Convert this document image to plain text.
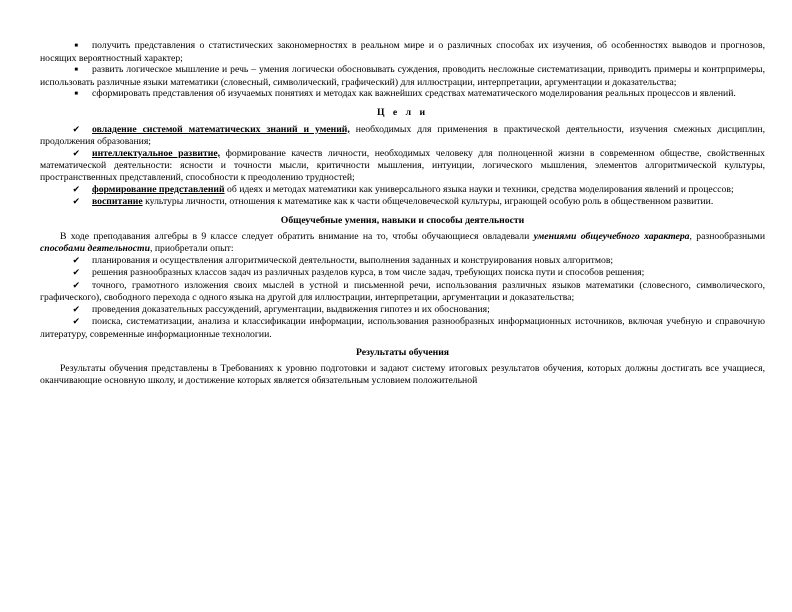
■ получить представления о статистических закономерностях в реальном мире и о различных способах их изучения, об особенностях выводов и прогнозов, носящих вероятностный характер;

■ развить логическое мышление и речь – умения логически обосновывать суждения, проводить несложные систематизации, приводить примеры и контрпримеры, использовать различные языки математики (словесный, символический, графический) для иллюстрации, интерпретации, аргументации и доказательства;

■ сформировать представления об изучаемых понятиях и методах как важнейших средствах математического моделирования реальных процессов и явлений.

Ц е л и

✔ овладение системой математических знаний и умений, необходимых для применения в практической деятельности, изучения смежных дисциплин, продолжения образования;

✔ интеллектуальное развитие, формирование качеств личности, необходимых человеку для полноценной жизни в современном обществе, свойственных математической деятельности: ясности и точности мысли, критичности мышления, интуиции, логического мышления, элементов алгоритмической культуры, пространственных представлений, способности к преодолению трудностей;

✔ формирование представлений об идеях и методах математики как универсального языка науки и техники, средства моделирования явлений и процессов;

✔ воспитание культуры личности, отношения к математике как к части общечеловеческой культуры, играющей особую роль в общественном развитии.

Общеучебные умения, навыки и способы деятельности

В ходе преподавания алгебры в 9 классе следует обратить внимание на то, чтобы обучающиеся овладевали умениями общеучебного характера, разнообразными способами деятельности, приобретали опыт:

✔ планирования и осуществления алгоритмической деятельности, выполнения заданных и конструирования новых алгоритмов;

✔ решения разнообразных классов задач из различных разделов курса, в том числе задач, требующих поиска пути и способов решения;

✔ точного, грамотного изложения своих мыслей в устной и письменной речи, использования различных языков математики (словесного, символического, графического), свободного перехода с одного языка на другой для иллюстрации, интерпретации, аргументации и доказательства;

✔ проведения доказательных рассуждений, аргументации, выдвижения гипотез и их обоснования;

✔ поиска, систематизации, анализа и классификации информации, использования разнообразных информационных источников, включая учебную и справочную литературу, современные информационные технологии.

Результаты обучения

Результаты обучения представлены в Требованиях к уровню подготовки и задают систему итоговых результатов обучения, которых должны достигать все учащиеся, оканчивающие основную школу, и достижение которых является обязательным условием положительной
